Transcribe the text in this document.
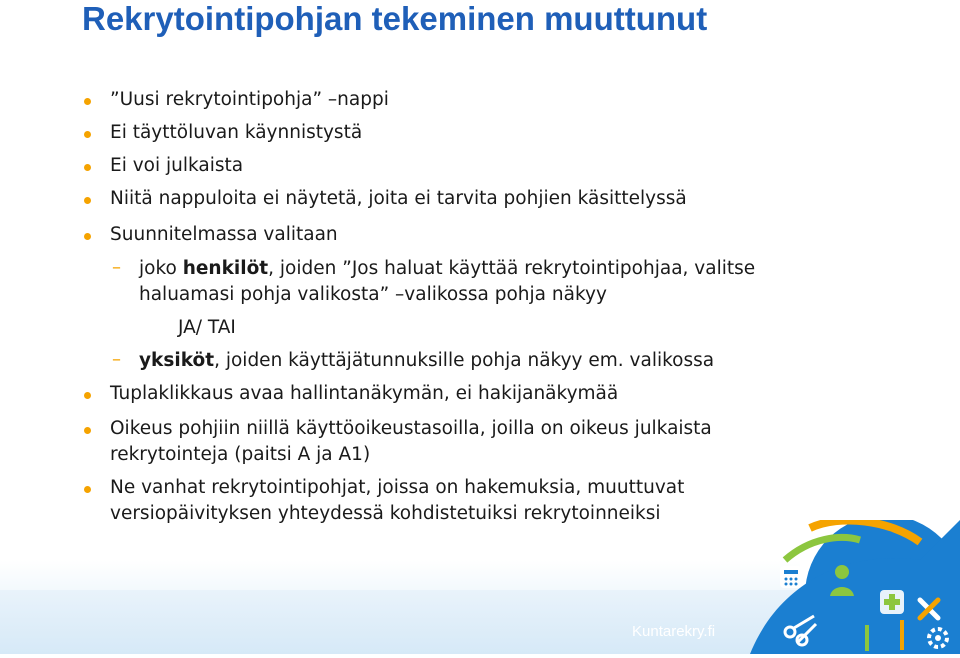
Rekrytointipohjan tekeminen muuttunut
”Uusi rekrytointipohja” –nappi
Ei täyttöluvan käynnistystä
Ei voi julkaista
Niitä nappuloita ei näytetä, joita ei tarvita pohjien käsittelyssä
Suunnitelmassa valitaan
– joko henkilöt, joiden ”Jos haluat käyttää rekrytointipohjaa, valitse
haluamasi pohja valikosta” –valikossa pohja näkyy
JA/ TAI
– yksiköt, joiden käyttäjätunnuksille pohja näkyy em. valikossa
Tuplaklikkaus avaa hallintanäkymän, ei hakijanäkymää
Oikeus pohjiin niillä käyttöoikeustasoilla, joilla on oikeus julkaista
rekrytointeja (paitsi A ja A1)
Ne vanhat rekrytointipohjat, joissa on hakemuksia, muuttuvat
versiopäivityksen yhteydessä kohdistetuiksi rekrytoinneiksi
Kuntarekry.fi
